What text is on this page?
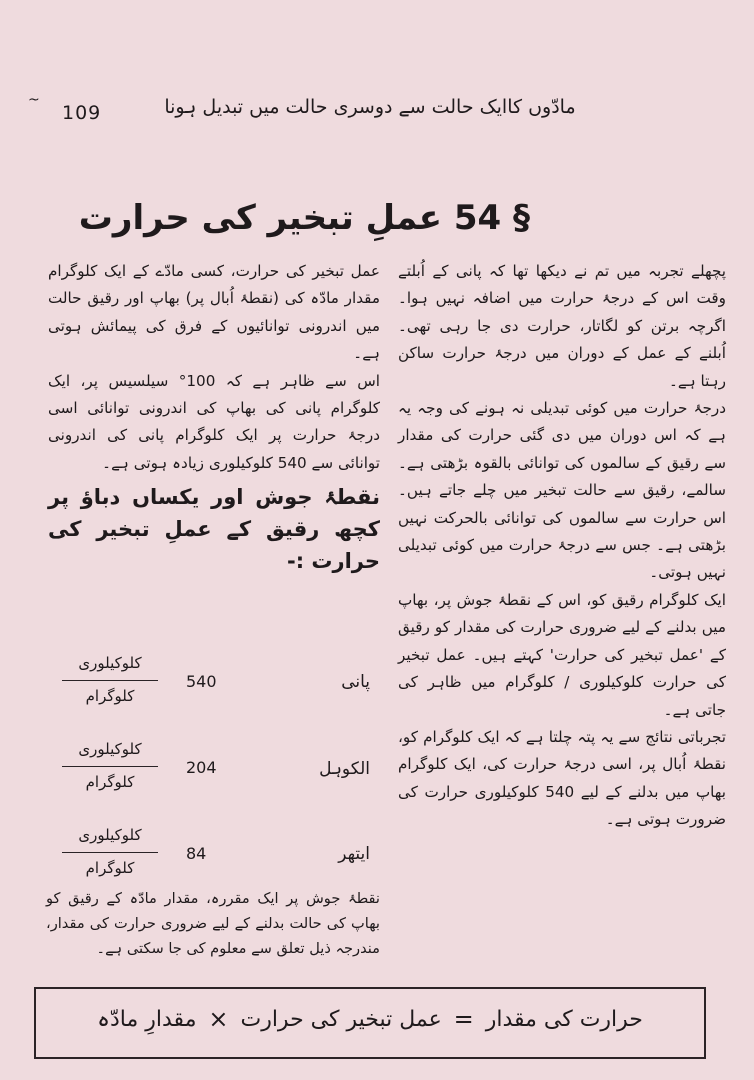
~
109	مادّوں کاایک حالت سے دوسری حالت میں تبدیل ہونا
§ 54 عملِ تبخیر کی حرارت

پچھلے تجربہ میں تم نے دیکھا تھا کہ پانی کے اُبلتے وقت اس کے درجۂ حرارت میں اضافہ نہیں ہوا۔ اگرچہ برتن کو لگاتار، حرارت دی جا رہی تھی۔ اُبلنے کے عمل کے دوران میں درجۂ حرارت ساکن رہتا ہے۔

درجۂ حرارت میں کوئی تبدیلی نہ ہونے کی وجہ یہ ہے کہ اس دوران میں دی گئی حرارت کی مقدار سے رقیق کے سالموں کی توانائی بالقوہ بڑھتی ہے۔ سالمے، رقیق سے حالت تبخیر میں چلے جاتے ہیں۔ اس حرارت سے سالموں کی توانائی بالحرکت نہیں بڑھتی ہے۔ جس سے درجۂ حرارت میں کوئی تبدیلی نہیں ہوتی۔

ایک کلوگرام رقیق کو، اس کے نقطۂ جوش پر، بھاپ میں بدلنے کے لیے ضروری حرارت کی مقدار کو رقیق کے 'عمل تبخیر کی حرارت' کہتے ہیں۔ عمل تبخیر کی حرارت کلوکیلوری / کلوگرام میں ظاہر کی جاتی ہے۔

تجرباتی نتائج سے یہ پتہ چلتا ہے کہ ایک کلوگرام کو، نقطۂ اُبال پر، اسی درجۂ حرارت کی، ایک کلوگرام بھاپ میں بدلنے کے لیے 540 کلوکیلوری حرارت کی ضرورت ہوتی ہے۔

عمل تبخیر کی حرارت، کسی مادّے کے ایک کلوگرام مقدار مادّہ کی (نقطۂ اُبال پر) بھاپ اور رقیق حالت میں اندرونی توانائیوں کے فرق کی پیمائش ہوتی ہے۔

اس سے ظاہر ہے کہ 100° سیلسیس پر، ایک کلوگرام پانی کی بھاپ کی اندرونی توانائی اسی درجۂ حرارت پر ایک کلوگرام پانی کی اندرونی توانائی سے 540 کلوکیلوری زیادہ ہوتی ہے۔

نقطۂ جوش اور یکساں دباؤ پر کچھ رقیق کے عملِ تبخیر کی حرارت :-

پانی
540
کلوکیلوری
کلوگرام
الکوہل
204
کلوکیلوری
کلوگرام
ایتھر
84
کلوکیلوری
کلوگرام
نقطۂ جوش پر ایک مقررہ، مقدار مادّہ کے رقیق کو بھاپ کی حالت بدلنے کے لیے ضروری حرارت کی مقدار، مندرجہ ذیل تعلق سے معلوم کی جا سکتی ہے۔
حرارت کی مقدار
=
عمل تبخیر کی حرارت
×
مقدارِ مادّہ
